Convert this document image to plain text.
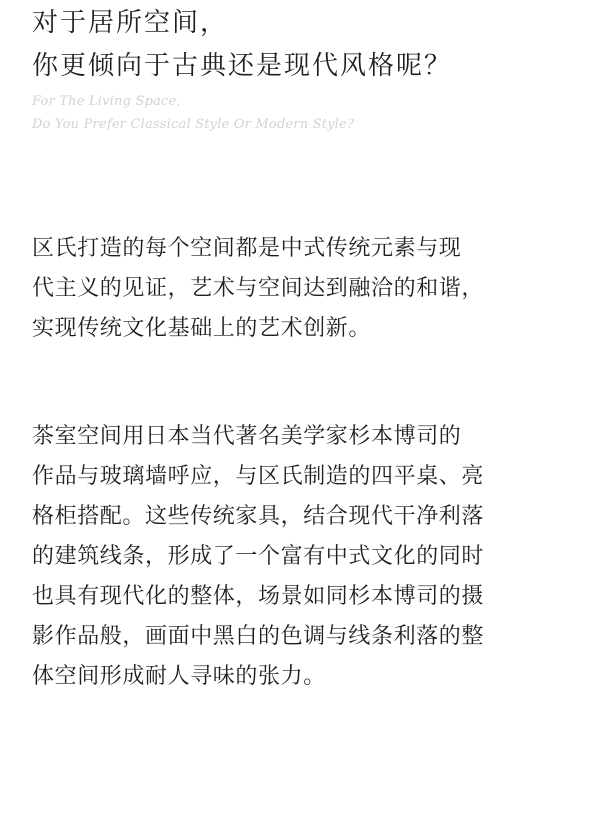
对于居所空间，
你更倾向于古典还是现代风格呢？
For The Living Space,
Do You Prefer Classical Style Or Modern Style?

区氏打造的每个空间都是中式传统元素与现
代主义的见证，艺术与空间达到融洽的和谐，
实现传统文化基础上的艺术创新。

茶室空间用日本当代著名美学家杉本博司的
作品与玻璃墙呼应，与区氏制造的四平桌、亮
格柜搭配。这些传统家具，结合现代干净利落
的建筑线条，形成了一个富有中式文化的同时
也具有现代化的整体，场景如同杉本博司的摄
影作品般，画面中黑白的色调与线条利落的整
体空间形成耐人寻味的张力。
